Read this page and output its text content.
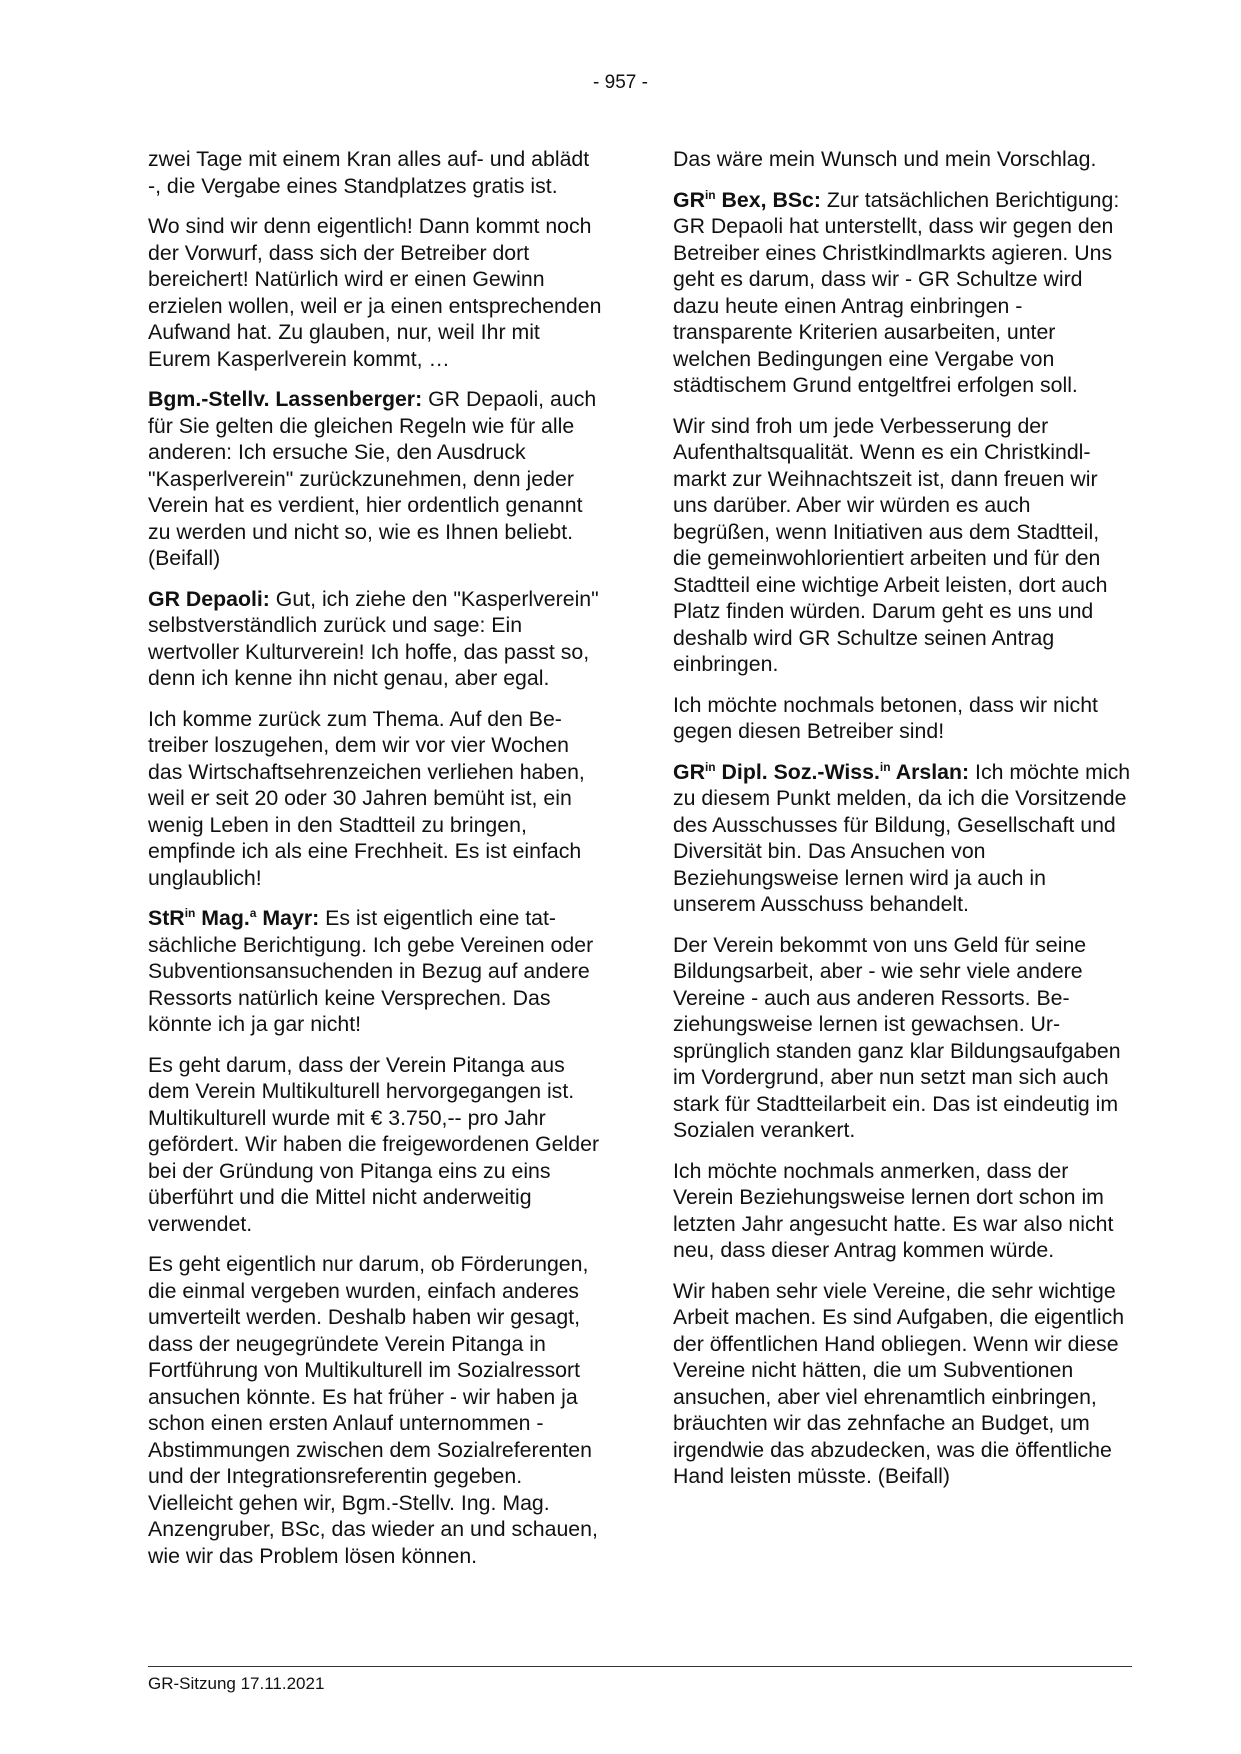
- 957 -

zwei Tage mit einem Kran alles auf- und ablädt -, die Vergabe eines Standplatzes gratis ist.

Wo sind wir denn eigentlich! Dann kommt noch der Vorwurf, dass sich der Betreiber dort bereichert! Natürlich wird er einen Gewinn erzielen wollen, weil er ja einen entsprechenden Aufwand hat. Zu glauben, nur, weil Ihr mit Eurem Kasperlverein kommt, …

Bgm.-Stellv. Lassenberger: GR Depaoli, auch für Sie gelten die gleichen Regeln wie für alle anderen: Ich ersuche Sie, den Ausdruck "Kasperlverein" zurückzunehmen, denn jeder Verein hat es verdient, hier ordentlich genannt zu werden und nicht so, wie es Ihnen beliebt. (Beifall)

GR Depaoli: Gut, ich ziehe den "Kasperlverein" selbstverständlich zurück und sage: Ein wertvoller Kulturverein! Ich hoffe, das passt so, denn ich kenne ihn nicht genau, aber egal.

Ich komme zurück zum Thema. Auf den Betreiber loszugehen, dem wir vor vier Wochen das Wirtschaftsehrenzeichen verliehen haben, weil er seit 20 oder 30 Jahren bemüht ist, ein wenig Leben in den Stadtteil zu bringen, empfinde ich als eine Frechheit. Es ist einfach unglaublich!

StR$^{in}$ Mag.$^a$ Mayr: Es ist eigentlich eine tatsächliche Berichtigung. Ich gebe Vereinen oder Subventionsansuchenden in Bezug auf andere Ressorts natürlich keine Versprechen. Das könnte ich ja gar nicht!

Es geht darum, dass der Verein Pitanga aus dem Verein Multikulturell hervorgegangen ist. Multikulturell wurde mit € 3.750,-- pro Jahr gefördert. Wir haben die freigewordenen Gelder bei der Gründung von Pitanga eins zu eins überführt und die Mittel nicht anderweitig verwendet.

Es geht eigentlich nur darum, ob Förderungen, die einmal vergeben wurden, einfach anderes umverteilt werden. Deshalb haben wir gesagt, dass der neugegründete Verein Pitanga in Fortführung von Multikulturell im Sozialressort ansuchen könnte. Es hat früher - wir haben ja schon einen ersten Anlauf unternommen - Abstimmungen zwischen dem Sozialreferenten und der Integrationsreferentin gegeben. Vielleicht gehen wir, Bgm.-Stellv. Ing. Mag. Anzengruber, BSc, das wieder an und schauen, wie wir das Problem lösen können.

Das wäre mein Wunsch und mein Vorschlag.

$GR^{in}$ Bex, BSc: Zur tatsächlichen Berichtigung: GR Depaoli hat unterstellt, dass wir gegen den Betreiber eines Christkindlmarkts agieren. Uns geht es darum, dass wir - GR Schultze wird dazu heute einen Antrag einbringen - transparente Kriterien ausarbeiten, unter welchen Bedingungen eine Vergabe von städtischem Grund entgeltfrei erfolgen soll.

Wir sind froh um jede Verbesserung der Aufenthaltsqualität. Wenn es ein Christkindlmarkt zur Weihnachtszeit ist, dann freuen wir uns darüber. Aber wir würden es auch begrüßen, wenn Initiativen aus dem Stadtteil, die gemeinwohlorientiert arbeiten und für den Stadtteil eine wichtige Arbeit leisten, dort auch Platz finden würden. Darum geht es uns und deshalb wird GR Schultze seinen Antrag einbringen.

Ich möchte nochmals betonen, dass wir nicht gegen diesen Betreiber sind!

$GR^{in}$ Dipl. Soz.-Wiss.$^{in}$ Arslan: Ich möchte mich zu diesem Punkt melden, da ich die Vorsitzende des Ausschusses für Bildung, Gesellschaft und Diversität bin. Das Ansuchen von Beziehungsweise lernen wird ja auch in unserem Ausschuss behandelt.

Der Verein bekommt von uns Geld für seine Bildungsarbeit, aber - wie sehr viele andere Vereine - auch aus anderen Ressorts. Beziehungsweise lernen ist gewachsen. Ursprünglich standen ganz klar Bildungsaufgaben im Vordergrund, aber nun setzt man sich auch stark für Stadtteilarbeit ein. Das ist eindeutig im Sozialen verankert.

Ich möchte nochmals anmerken, dass der Verein Beziehungsweise lernen dort schon im letzten Jahr angesucht hatte. Es war also nicht neu, dass dieser Antrag kommen würde.

Wir haben sehr viele Vereine, die sehr wichtige Arbeit machen. Es sind Aufgaben, die eigentlich der öffentlichen Hand obliegen. Wenn wir diese Vereine nicht hätten, die um Subventionen ansuchen, aber viel ehrenamtlich einbringen, bräuchten wir das zehnfache an Budget, um irgendwie das abzudecken, was die öffentliche Hand leisten müsste. (Beifall)

GR-Sitzung 17.11.2021
